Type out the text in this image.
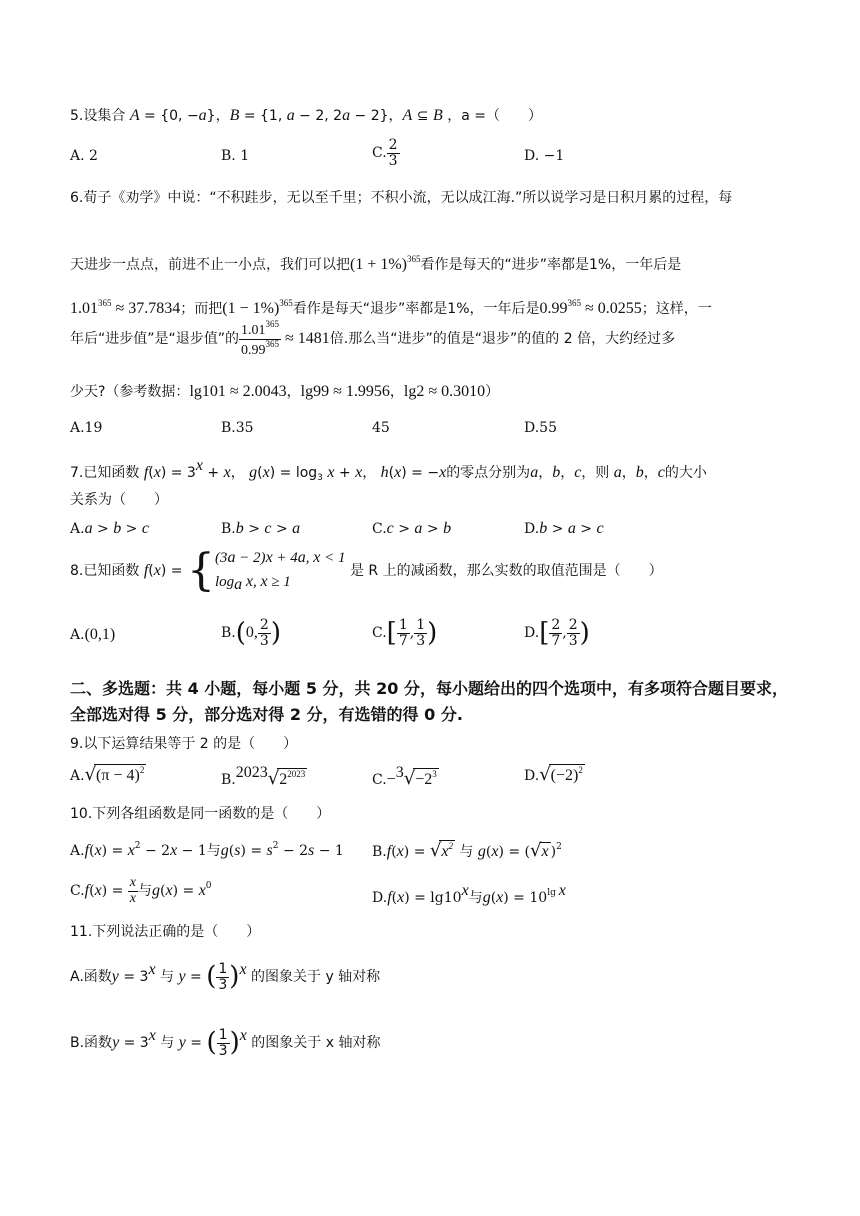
5.设集合 A = {0, −a}，B = {1, a − 2, 2a − 2}，A ⊆ B ，a =（　　）
A. 2	B. 1	C. $\frac{2}{3}$	D. −1
6.荀子《劝学》中说：“不积跬步，无以至千里；不积小流，无以成江海.”所以说学习是日积月累的过程，每
天进步一点点，前进不止一小点，我们可以把$(1 + 1\%)^{365}$看作是每天的“进步”率都是1%，一年后是
$1.01^{365} \approx 37.7834$；而把$(1 - 1\%)^{365}$看作是每天“退步”率都是1%，一年后是$0.99^{365} \approx 0.0255$；这样，一
年后“进步值”是“退步值”的 $\frac{1.01^{365}}{0.99^{365}} \approx 1481$倍.那么当“进步”的值是“退步”的值的 2 倍，大约经过多
少天?（参考数据：lg101 ≈ 2.0043，lg99 ≈ 1.9956，lg2 ≈ 0.3010）
A.19	B.35	45	D.55
7.已知函数 $f(x) = 3^x + x$， $g(x) = \log_3 x + x$， h(x) = −x的零点分别为a，b，c，则 a，b，c的大小
关系为（　　）
A.a > b > c	B.b > c > a	C.c > a > b	D.b > a > c
8.已知函数 f(x) = { (3a − 2)x + 4a, x < 1
$\log_a x$, x ≥ 1
是 R 上的减函数，那么实数的取值范围是（　　）
A.(0,1)	B.(0, $\frac{2}{3}$ )	$C.[ \frac{1}{7}$ , $\frac{1}{3}$ )	$D.[ \frac{2}{7}$ , $\frac{2}{3}$ )
二、多选题：共 4 小题，每小题 5 分，共 20 分，每小题给出的四个选项中，有多项符合题目要求，全部选对得 5 分，部分选对得 2 分，有选错的得 0 分.
9.以下运算结果等于 2 的是（　　）
$A.√(\pi - 4)^2$
$B.^{2023}√2^{2023}$	$C.-^3√-2^3$	$D.√(-2)^2$
10.下列各组函数是同一函数的是（　　）
$A.f(x) = x^2 - 2x - 1$与$g(s) = s^2 - 2s - 1$ $B.f(x) = √x^2$ 与 g(x) = (√x )$^2$
$C.f(x) = \frac{x}{x}$ 与$g(x) = x^0$
$D.f(x) = \lg 10^x$与$g(x) = 10^{lg x}$
11.下列说法正确的是（　　）
A.函数$y = 3^x$ 与 y = ( $\frac{1}{3} )^x$ 的图象关于 y 轴对称
B.函数$y = 3^x$ 与 y = ( $\frac{1}{3} )^x$ 的图象关于 x 轴对称
